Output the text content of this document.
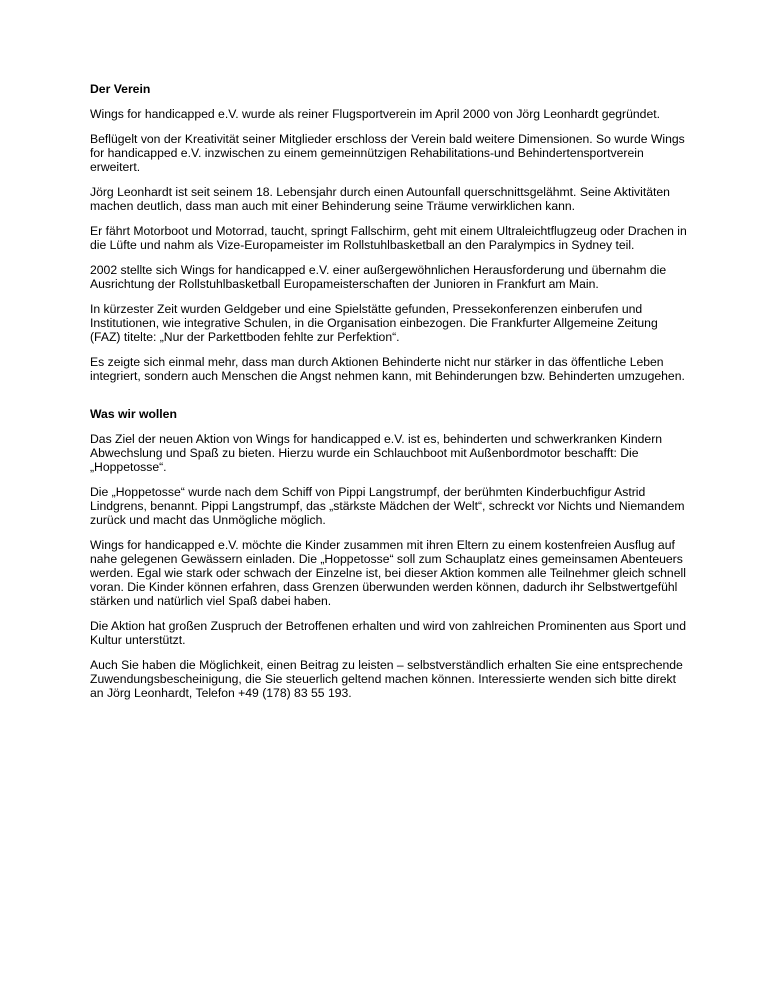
Der Verein

Wings for handicapped e.V. wurde als reiner Flugsportverein im April 2000 von Jörg Leonhardt gegründet.

Beflügelt von der Kreativität seiner Mitglieder erschloss der Verein bald weitere Dimensionen. So wurde Wings for handicapped e.V. inzwischen zu einem gemeinnützigen Rehabilitations-und Behindertensportverein erweitert.

Jörg Leonhardt ist seit seinem 18. Lebensjahr durch einen Autounfall querschnittsgelähmt. Seine Aktivitäten machen deutlich, dass man auch mit einer Behinderung seine Träume verwirklichen kann.

Er fährt Motorboot und Motorrad, taucht, springt Fallschirm, geht mit einem Ultraleichtflugzeug oder Drachen in die Lüfte und nahm als Vize-Europameister im Rollstuhlbasketball an den Paralympics in Sydney teil.

2002 stellte sich Wings for handicapped e.V. einer außergewöhnlichen Herausforderung und übernahm die Ausrichtung der Rollstuhlbasketball Europameisterschaften der Junioren in Frankfurt am Main.

In kürzester Zeit wurden Geldgeber und eine Spielstätte gefunden, Pressekonferenzen einberufen und Institutionen, wie integrative Schulen, in die Organisation einbezogen. Die Frankfurter Allgemeine Zeitung (FAZ) titelte: „Nur der Parkettboden fehlte zur Perfektion“.

Es zeigte sich einmal mehr, dass man durch Aktionen Behinderte nicht nur stärker in das öffentliche Leben integriert, sondern auch Menschen die Angst nehmen kann, mit Behinderungen bzw. Behinderten umzugehen.

Was wir wollen

Das Ziel der neuen Aktion von Wings for handicapped e.V. ist es, behinderten und schwerkranken Kindern Abwechslung und Spaß zu bieten. Hierzu wurde ein Schlauchboot mit Außenbordmotor beschafft: Die „Hoppetosse“.

Die „Hoppetosse“ wurde nach dem Schiff von Pippi Langstrumpf, der berühmten Kinderbuchfigur Astrid Lindgrens, benannt. Pippi Langstrumpf, das „stärkste Mädchen der Welt“, schreckt vor Nichts und Niemandem zurück und macht das Unmögliche möglich.

Wings for handicapped e.V. möchte die Kinder zusammen mit ihren Eltern zu einem kostenfreien Ausflug auf nahe gelegenen Gewässern einladen. Die „Hoppetosse“ soll zum Schauplatz eines gemeinsamen Abenteuers werden. Egal wie stark oder schwach der Einzelne ist, bei dieser Aktion kommen alle Teilnehmer gleich schnell voran. Die Kinder können erfahren, dass Grenzen überwunden werden können, dadurch ihr Selbstwertgefühl stärken und natürlich viel Spaß dabei haben.

Die Aktion hat großen Zuspruch der Betroffenen erhalten und wird von zahlreichen Prominenten aus Sport und Kultur unterstützt.

Auch Sie haben die Möglichkeit, einen Beitrag zu leisten – selbstverständlich erhalten Sie eine entsprechende Zuwendungsbescheinigung, die Sie steuerlich geltend machen können. Interessierte wenden sich bitte direkt an Jörg Leonhardt, Telefon +49 (178) 83 55 193.
